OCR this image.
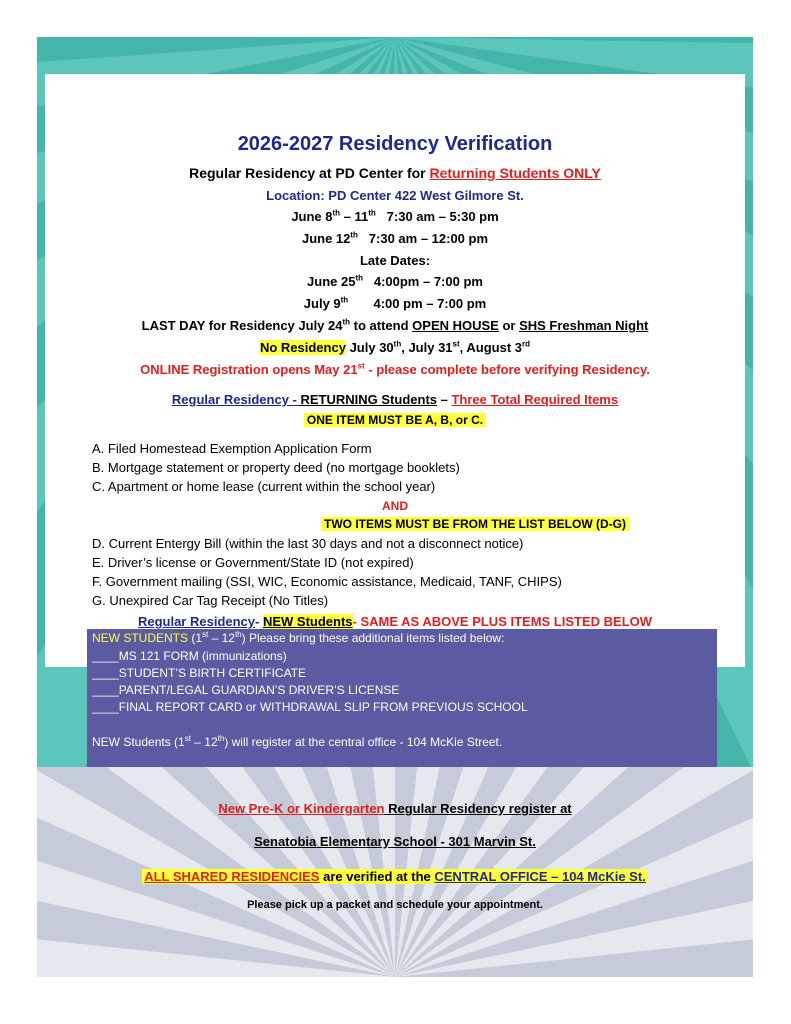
2026-2027 Residency Verification
Regular Residency at PD Center for Returning Students ONLY
Location: PD Center 422 West Gilmore St.
June 8th – 11th   7:30 am – 5:30 pm
June 12th   7:30 am – 12:00 pm
Late Dates:
June 25th   4:00pm – 7:00 pm
July 9th       4:00 pm – 7:00 pm
LAST DAY for Residency July 24th to attend OPEN HOUSE or SHS Freshman Night
No Residency July 30th, July 31st, August 3rd
ONLINE Registration opens May 21st - please complete before verifying Residency.
Regular Residency - RETURNING Students – Three Total Required Items
ONE ITEM MUST BE A, B, or C.
A. Filed Homestead Exemption Application Form
B. Mortgage statement or property deed (no mortgage booklets)
C. Apartment or home lease (current within the school year)
AND
TWO ITEMS MUST BE FROM THE LIST BELOW (D-G)
D. Current Entergy Bill (within the last 30 days and not a disconnect notice)
E. Driver’s license or Government/State ID (not expired)
F. Government mailing (SSI, WIC, Economic assistance, Medicaid, TANF, CHIPS)
G. Unexpired Car Tag Receipt (No Titles)
Regular Residency- NEW Students- SAME AS ABOVE PLUS ITEMS LISTED BELOW
NEW STUDENTS (1st – 12th) Please bring these additional items listed below:
____MS 121 FORM (immunizations)
____STUDENT’S BIRTH CERTIFICATE
____PARENT/LEGAL GUARDIAN’S DRIVER’S LICENSE
____FINAL REPORT CARD or WITHDRAWAL SLIP FROM PREVIOUS SCHOOL
NEW Students (1st – 12th) will register at the central office - 104 McKie Street.
New Pre-K or Kindergarten Regular Residency register at
Senatobia Elementary School - 301 Marvin St.
ALL SHARED RESIDENCIES are verified at the CENTRAL OFFICE – 104 McKie St.
Please pick up a packet and schedule your appointment.
